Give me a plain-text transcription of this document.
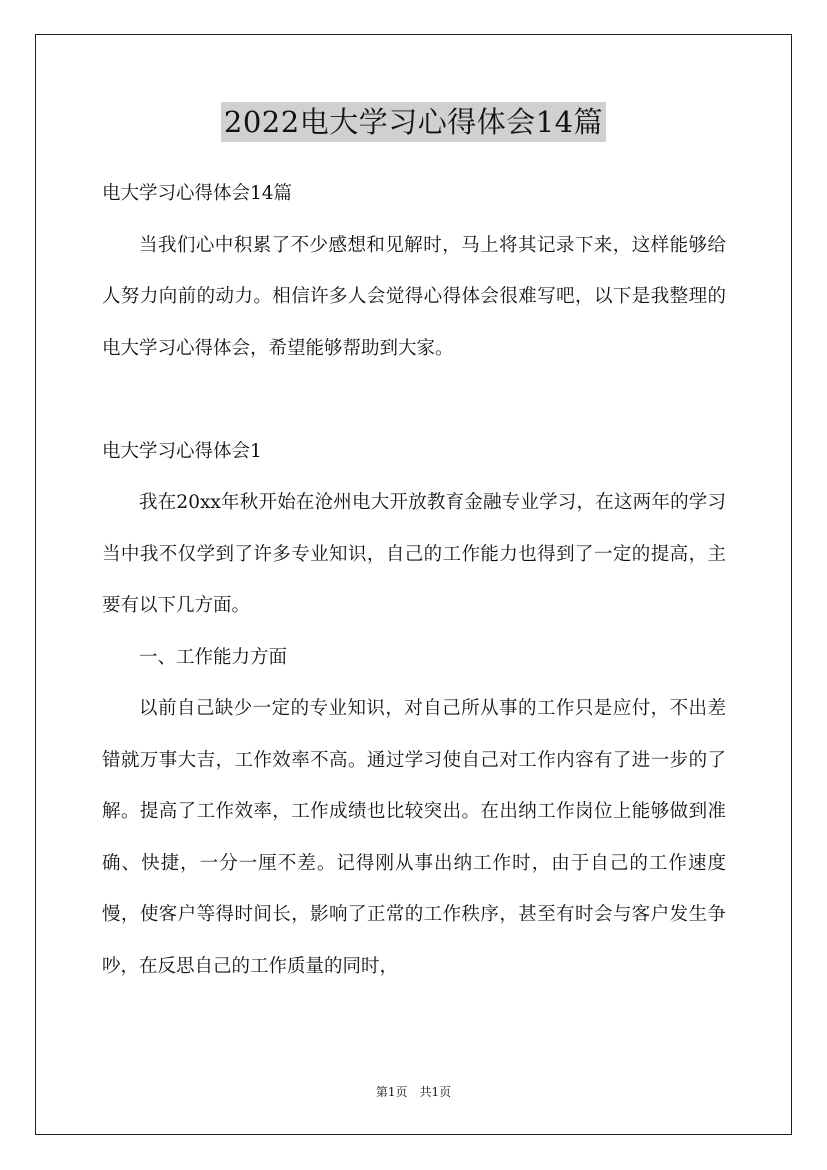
2022电大学习心得体会14篇

电大学习心得体会14篇

当我们心中积累了不少感想和见解时，马上将其记录下来，这样能够给人努力向前的动力。相信许多人会觉得心得体会很难写吧，以下是我整理的电大学习心得体会，希望能够帮助到大家。

电大学习心得体会1

我在20xx年秋开始在沧州电大开放教育金融专业学习，在这两年的学习当中我不仅学到了许多专业知识，自己的工作能力也得到了一定的提高，主要有以下几方面。

一、工作能力方面

以前自己缺少一定的专业知识，对自己所从事的工作只是应付，不出差错就万事大吉，工作效率不高。通过学习使自己对工作内容有了进一步的了解。提高了工作效率，工作成绩也比较突出。在出纳工作岗位上能够做到准确、快捷，一分一厘不差。记得刚从事出纳工作时，由于自己的工作速度慢，使客户等得时间长，影响了正常的工作秩序，甚至有时会与客户发生争吵，在反思自己的工作质量的同时，

第1页　共1页
